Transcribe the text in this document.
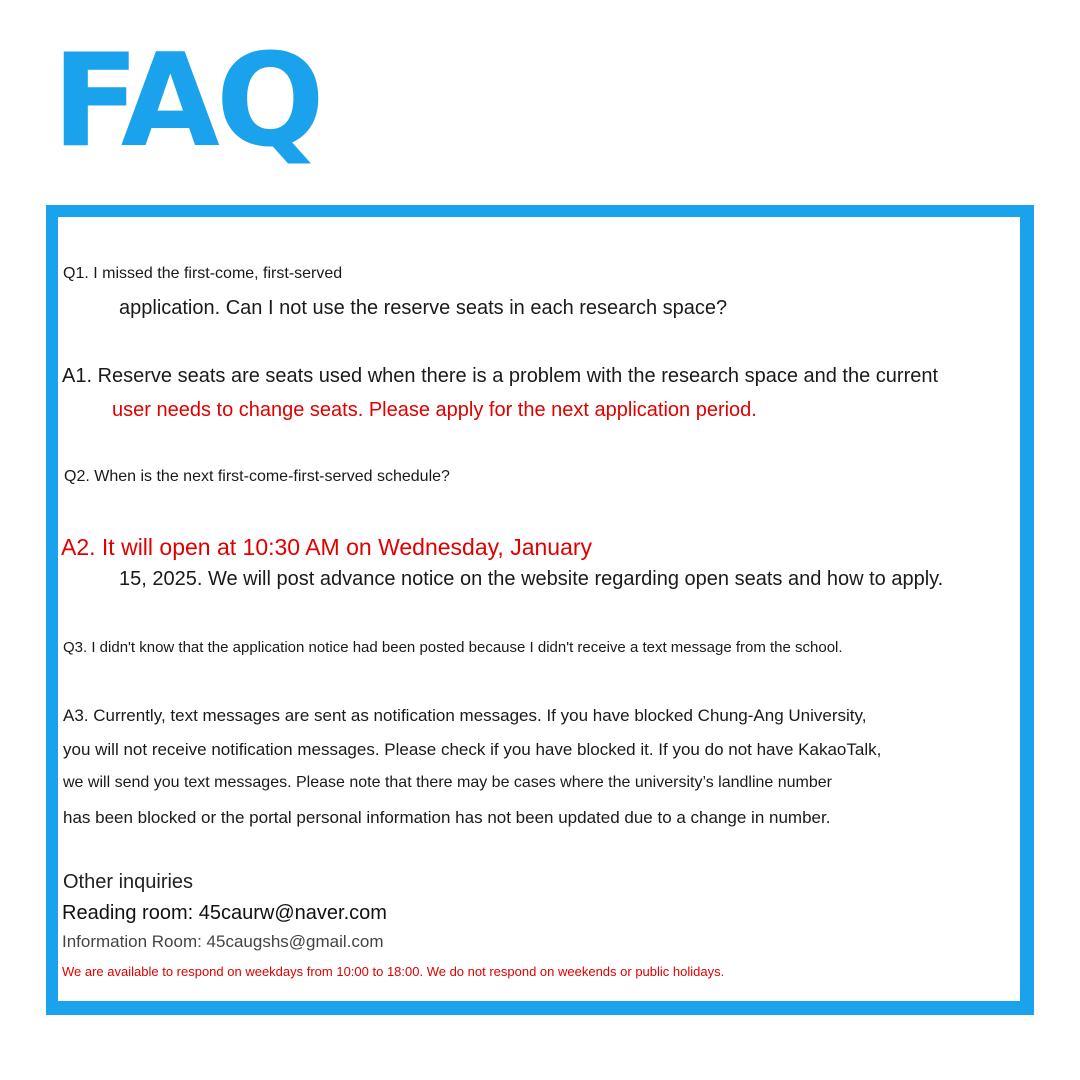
FAQ

Q1. I missed the first-come, first-served

application. Can I not use the reserve seats in each research space?

A1. Reserve seats are seats used when there is a problem with the research space and the current

user needs to change seats. Please apply for the next application period.

Q2. When is the next first-come-first-served schedule?

A2. It will open at 10:30 AM on Wednesday, January

15, 2025. We will post advance notice on the website regarding open seats and how to apply.

Q3. I didn't know that the application notice had been posted because I didn't receive a text message from the school.

A3. Currently, text messages are sent as notification messages. If you have blocked Chung-Ang University,

you will not receive notification messages. Please check if you have blocked it. If you do not have KakaoTalk,

we will send you text messages. Please note that there may be cases where the university’s landline number

has been blocked or the portal personal information has not been updated due to a change in number.

Other inquiries

Reading room: 45caurw@naver.com

Information Room: 45caugshs@gmail.com

We are available to respond on weekdays from 10:00 to 18:00. We do not respond on weekends or public holidays.
